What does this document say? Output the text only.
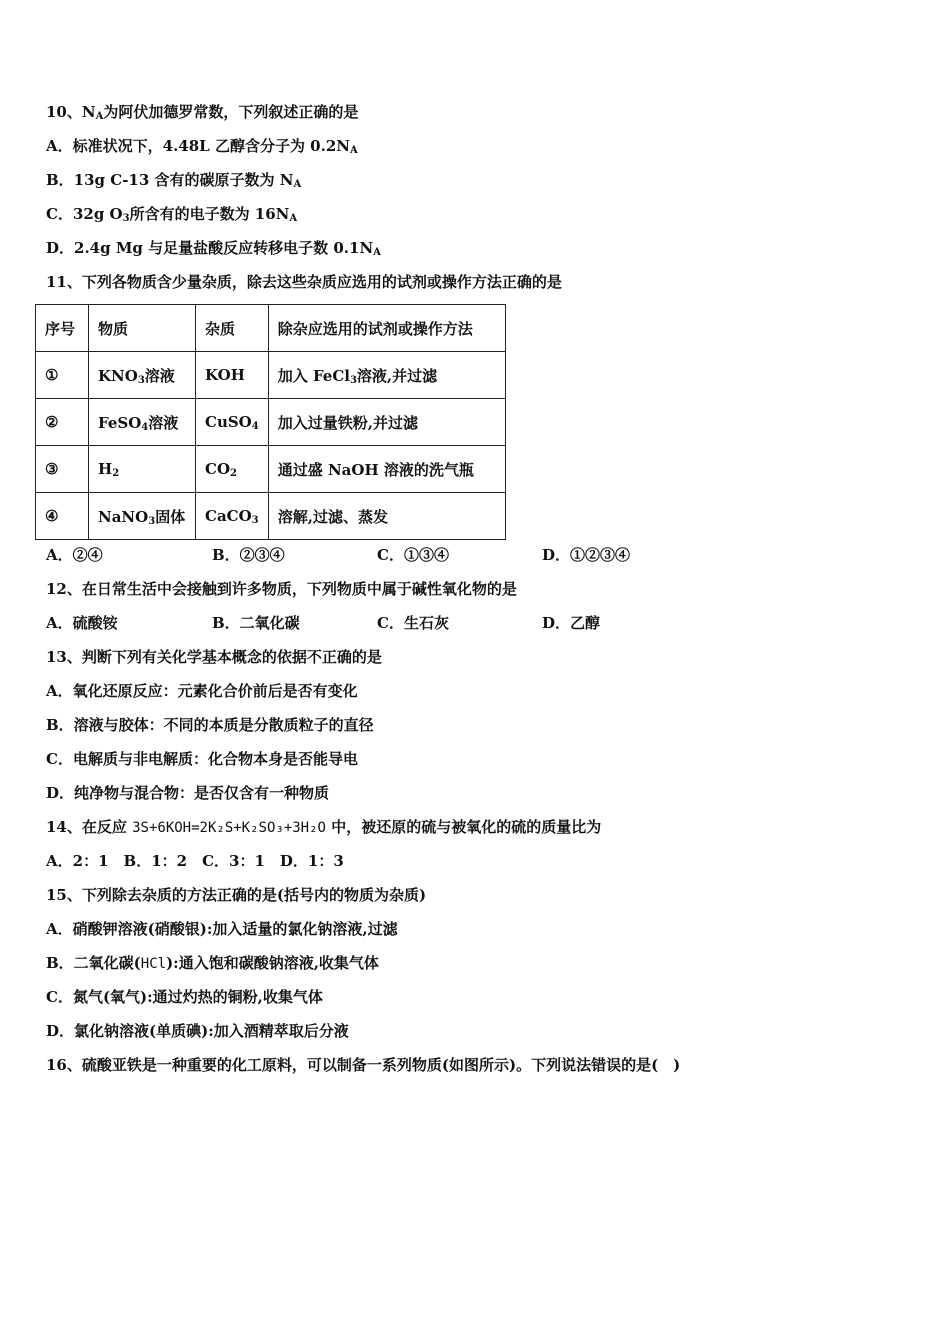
10、$N_A$为阿伏加德罗常数，下列叙述正确的是
A．标准状况下，4.48L 乙醇含分子为 $0.2N_A$
B．13g C-13 含有的碳原子数为 $N_A$
C．32g $O_3$所含有的电子数为 $16N_A$
D．2.4g Mg 与足量盐酸反应转移电子数 $0.1N_A$
11、下列各物质含少量杂质，除去这些杂质应选用的试剂或操作方法正确的是
序号	物质	杂质	除杂应选用的试剂或操作方法
①	$KNO_3$溶液	KOH	加入 FeCl$_3$溶液,并过滤
②	FeSO$_4$溶液	CuSO$_4$	加入过量铁粉,并过滤
③	$H_2$	$CO_2$	通过盛 NaOH 溶液的洗气瓶
④	NaNO$_3$固体	CaCO$_3$	溶解,过滤、蒸发
A．②④	B．②③④	C．①③④	D．①②③④
12、在日常生活中会接触到许多物质，下列物质中属于碱性氧化物的是
A．硫酸铵	B．二氧化碳	C．生石灰	D．乙醇
13、判断下列有关化学基本概念的依据不正确的是
A．氧化还原反应：元素化合价前后是否有变化
B．溶液与胶体：不同的本质是分散质粒子的直径
C．电解质与非电解质：化合物本身是否能导电
D．纯净物与混合物：是否仅含有一种物质
14、在反应 3S+6KOH=2K₂S+K₂SO₃+3H₂O 中，被还原的硫与被氧化的硫的质量比为
A．2：1　B．1：2　C．3：1　D．1：3
15、下列除去杂质的方法正确的是(括号内的物质为杂质)
A．硝酸钾溶液(硝酸银):加入适量的氯化钠溶液,过滤
B．二氧化碳(HCl):通入饱和碳酸钠溶液,收集气体
C．氮气(氧气):通过灼热的铜粉,收集气体
D．氯化钠溶液(单质碘):加入酒精萃取后分液
16、硫酸亚铁是一种重要的化工原料，可以制备一系列物质(如图所示)。下列说法错误的是(　)
